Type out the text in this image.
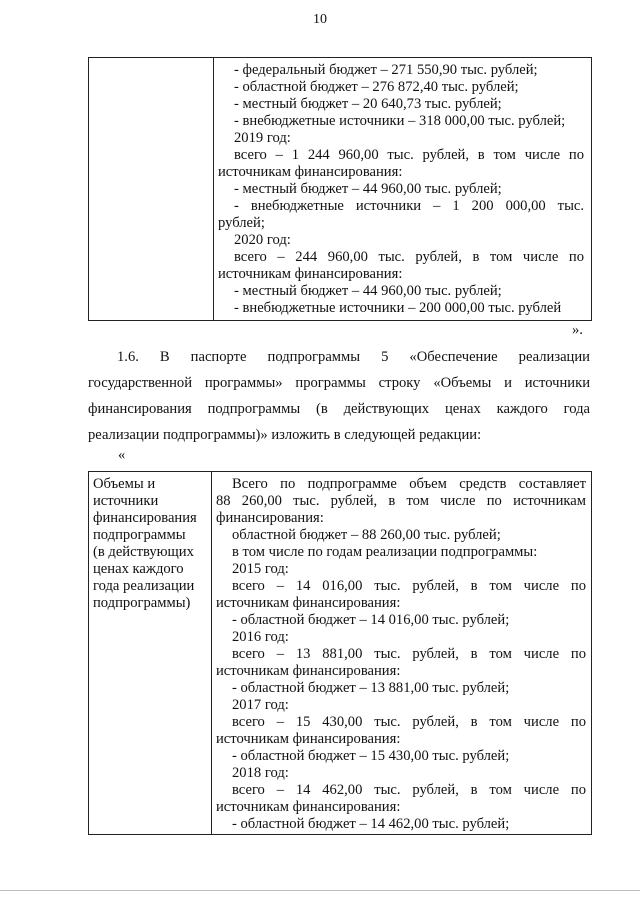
10
- федеральный бюджет – 271 550,90 тыс. рублей;
- областной бюджет – 276 872,40 тыс. рублей;
- местный бюджет – 20 640,73 тыс. рублей;
- внебюджетные источники – 318 000,00 тыс. рублей;
2019 год:
всего – 1 244 960,00 тыс. рублей, в том числе по
источникам финансирования:
- местный бюджет – 44 960,00 тыс. рублей;
- внебюджетные источники – 1 200 000,00 тыс.
рублей;
2020 год:
всего – 244 960,00 тыс. рублей, в том числе по
источникам финансирования:
- местный бюджет – 44 960,00 тыс. рублей;
- внебюджетные источники – 200 000,00 тыс. рублей
».
1.6. В паспорте подпрограммы 5 «Обеспечение реализации
государственной программы» программы строку «Объемы и источники
финансирования подпрограммы (в действующих ценах каждого года
реализации подпрограммы)» изложить в следующей редакции:
«
Объемы и
источники
финансирования
подпрограммы
(в действующих
ценах каждого
года реализации
подпрограммы)
Всего по подпрограмме объем средств составляет
88 260,00 тыс. рублей, в том числе по источникам
финансирования:
областной бюджет – 88 260,00 тыс. рублей;
в том числе по годам реализации подпрограммы:
2015 год:
всего – 14 016,00 тыс. рублей, в том числе по
источникам финансирования:
- областной бюджет – 14 016,00 тыс. рублей;
2016 год:
всего – 13 881,00 тыс. рублей, в том числе по
источникам финансирования:
- областной бюджет – 13 881,00 тыс. рублей;
2017 год:
всего – 15 430,00 тыс. рублей, в том числе по
источникам финансирования:
- областной бюджет – 15 430,00 тыс. рублей;
2018 год:
всего – 14 462,00 тыс. рублей, в том числе по
источникам финансирования:
- областной бюджет – 14 462,00 тыс. рублей;
